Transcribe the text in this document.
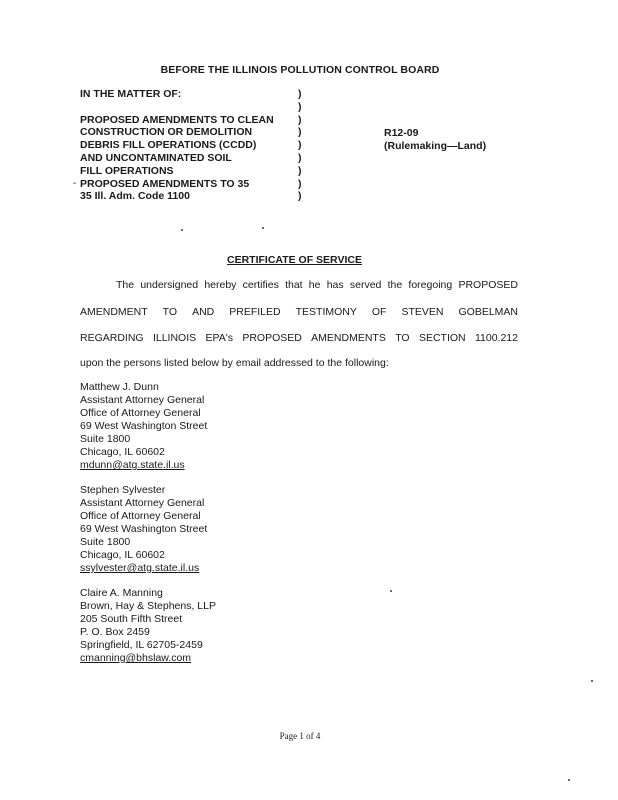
BEFORE THE ILLINOIS POLLUTION CONTROL BOARD
IN THE MATTER OF:

PROPOSED AMENDMENTS TO CLEAN
CONSTRUCTION OR DEMOLITION
DEBRIS FILL OPERATIONS (CCDD)
AND UNCONTAMINATED SOIL
FILL OPERATIONS
PROPOSED AMENDMENTS TO 35
35 Ill. Adm. Code 1100
-
)
)
)
)
)
)
)
)
)
R12-09
(Rulemaking—Land)
CERTIFICATE OF SERVICE
The undersigned hereby certifies that he has served the foregoing PROPOSED
AMENDMENT TO AND PREFILED TESTIMONY OF STEVEN GOBELMAN
REGARDING ILLINOIS EPA's PROPOSED AMENDMENTS TO SECTION 1100.212
upon the persons listed below by email addressed to the following:
Matthew J. Dunn
Assistant Attorney General
Office of Attorney General
69 West Washington Street
Suite 1800
Chicago, IL 60602
mdunn@atg.state.il.us
Stephen Sylvester
Assistant Attorney General
Office of Attorney General
69 West Washington Street
Suite 1800
Chicago, IL 60602
ssylvester@atg.state.il.us
Claire A. Manning
Brown, Hay & Stephens, LLP
205 South Fifth Street
P. O. Box 2459
Springfield, IL 62705-2459
cmanning@bhslaw.com
Page 1 of 4
